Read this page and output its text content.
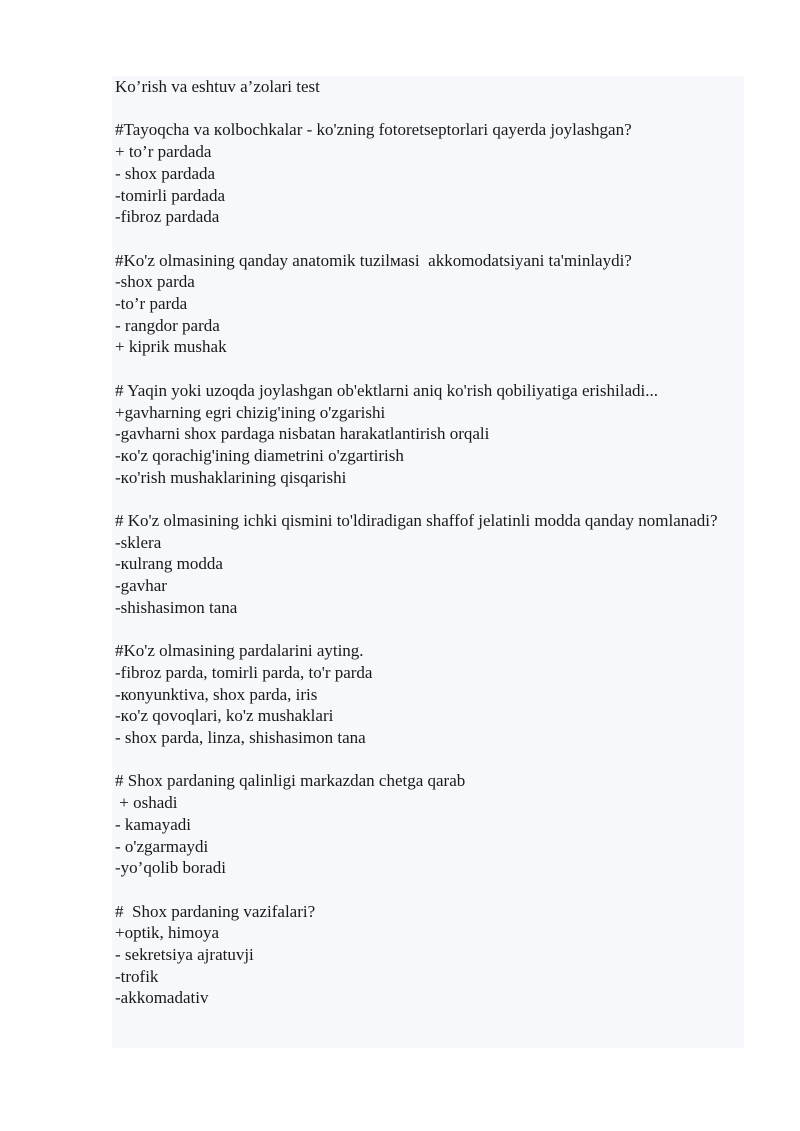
Ko’rish va eshtuv a’zolari test
#Tayoqcha va кolbochkalar - ko'zning fotoretseptorlari qayerda joylashgan?
+ to’r pardada
- shox pardada
-tomirli pardada
-fibroz pardada
#Ko'z olmasining qanday anatomik tuzilмasi  akkomodatsiyani ta'minlaydi?
-shox parda
-to’r parda
- rangdor parda
+ kiprik mushak
# Yaqin yoki uzoqda joylashgan ob'ektlarni aniq ko'rish qobiliyatiga erishiladi...
+gavharning egri chizig'ining o'zgarishi
-gavharni shox pardaga nisbatan harakatlantirish orqali
-кo'z qorachig'ining diametrini o'zgartirish
-кo'rish mushaklarining qisqarishi
# Ko'z olmasining ichki qismini to'ldiradigan shaffof jelatinli modda qanday nomlanadi?
-sklera
-кulrang modda
-gavhar
-shishasimon tana
#Ko'z olmasining pardalarini ayting.
-fibroz parda, tomirli parda, to'r parda
-коnyunktiva, shox parda, iris
-кo'z qovoqlari, ko'z mushaklari
- shox parda, linza, shishasimon tana
# Shox pardaning qalinligi markazdan chetga qarab
+ oshadi
- kamayadi
- o'zgarmaydi
-yo’qolib boradi
#  Shox pardaning vazifalari?
+optik, himoya
- sekretsiya ajratuvji
-trofik
-akkomadativ
